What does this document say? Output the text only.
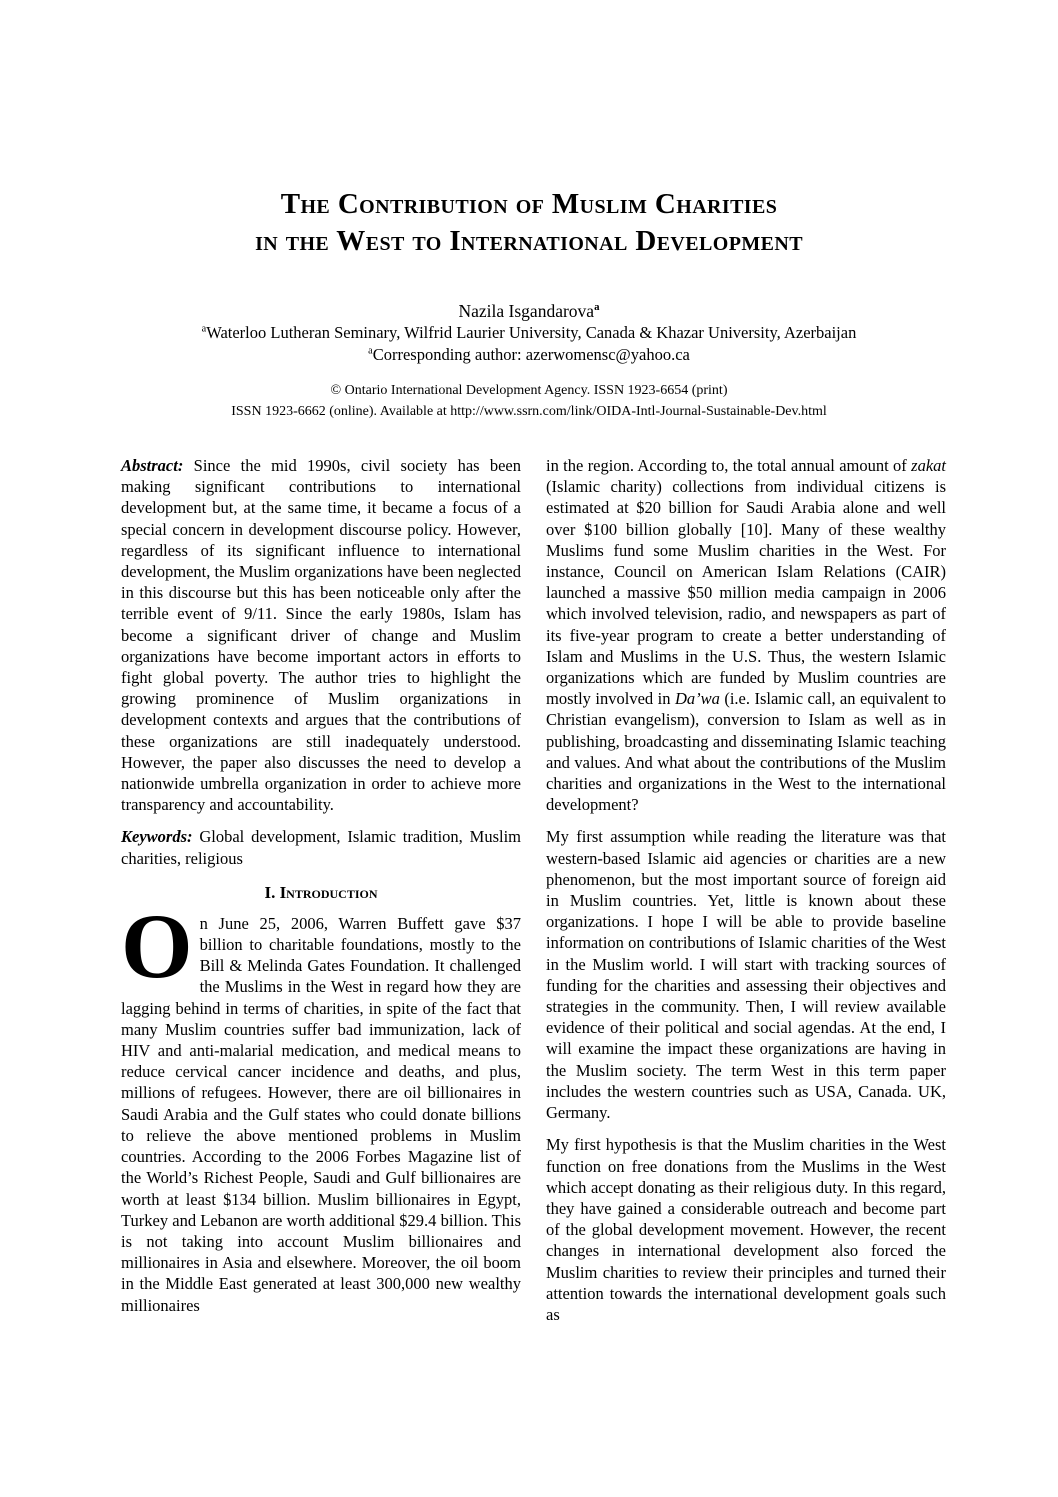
The Contribution of Muslim Charities
in the West to International Development
Nazila Isgandarova$^a$
$^a$Waterloo Lutheran Seminary, Wilfrid Laurier University, Canada & Khazar University, Azerbaijan
$^a$Corresponding author: azerwomensc@yahoo.ca
© Ontario International Development Agency. ISSN 1923-6654 (print)
ISSN 1923-6662 (online). Available at http://www.ssrn.com/link/OIDA-Intl-Journal-Sustainable-Dev.html

Abstract: Since the mid 1990s, civil society has been making significant contributions to international development but, at the same time, it became a focus of a special concern in development discourse policy. However, regardless of its significant influence to international development, the Muslim organizations have been neglected in this discourse but this has been noticeable only after the terrible event of 9/11. Since the early 1980s, Islam has become a significant driver of change and Muslim organizations have become important actors in efforts to fight global poverty. The author tries to highlight the growing prominence of Muslim organizations in development contexts and argues that the contributions of these organizations are still inadequately understood. However, the paper also discusses the need to develop a nationwide umbrella organization in order to achieve more transparency and accountability.

Keywords: Global development, Islamic tradition, Muslim charities, religious

I. Introduction

On June 25, 2006, Warren Buffett gave $37 billion to charitable foundations, mostly to the Bill & Melinda Gates Foundation. It challenged the Muslims in the West in regard how they are lagging behind in terms of charities, in spite of the fact that many Muslim countries suffer bad immunization, lack of HIV and anti-malarial medication, and medical means to reduce cervical cancer incidence and deaths, and plus, millions of refugees. However, there are oil billionaires in Saudi Arabia and the Gulf states who could donate billions to relieve the above mentioned problems in Muslim countries. According to the 2006 Forbes Magazine list of the World’s Richest People, Saudi and Gulf billionaires are worth at least $134 billion. Muslim billionaires in Egypt, Turkey and Lebanon are worth additional $29.4 billion. This is not taking into account Muslim billionaires and millionaires in Asia and elsewhere. Moreover, the oil boom in the Middle East generated at least 300,000 new wealthy millionaires

in the region. According to, the total annual amount of zakat (Islamic charity) collections from individual citizens is estimated at $20 billion for Saudi Arabia alone and well over $100 billion globally [10]. Many of these wealthy Muslims fund some Muslim charities in the West. For instance, Council on American Islam Relations (CAIR) launched a massive $50 million media campaign in 2006 which involved television, radio, and newspapers as part of its five-year program to create a better understanding of Islam and Muslims in the U.S. Thus, the western Islamic organizations which are funded by Muslim countries are mostly involved in Da’wa (i.e. Islamic call, an equivalent to Christian evangelism), conversion to Islam as well as in publishing, broadcasting and disseminating Islamic teaching and values. And what about the contributions of the Muslim charities and organizations in the West to the international development?

My first assumption while reading the literature was that western-based Islamic aid agencies or charities are a new phenomenon, but the most important source of foreign aid in Muslim countries. Yet, little is known about these organizations. I hope I will be able to provide baseline information on contributions of Islamic charities of the West in the Muslim world. I will start with tracking sources of funding for the charities and assessing their objectives and strategies in the community. Then, I will review available evidence of their political and social agendas. At the end, I will examine the impact these organizations are having in the Muslim society. The term West in this term paper includes the western countries such as USA, Canada. UK, Germany.

My first hypothesis is that the Muslim charities in the West function on free donations from the Muslims in the West which accept donating as their religious duty. In this regard, they have gained a considerable outreach and become part of the global development movement. However, the recent changes in international development also forced the Muslim charities to review their principles and turned their attention towards the international development goals such as
